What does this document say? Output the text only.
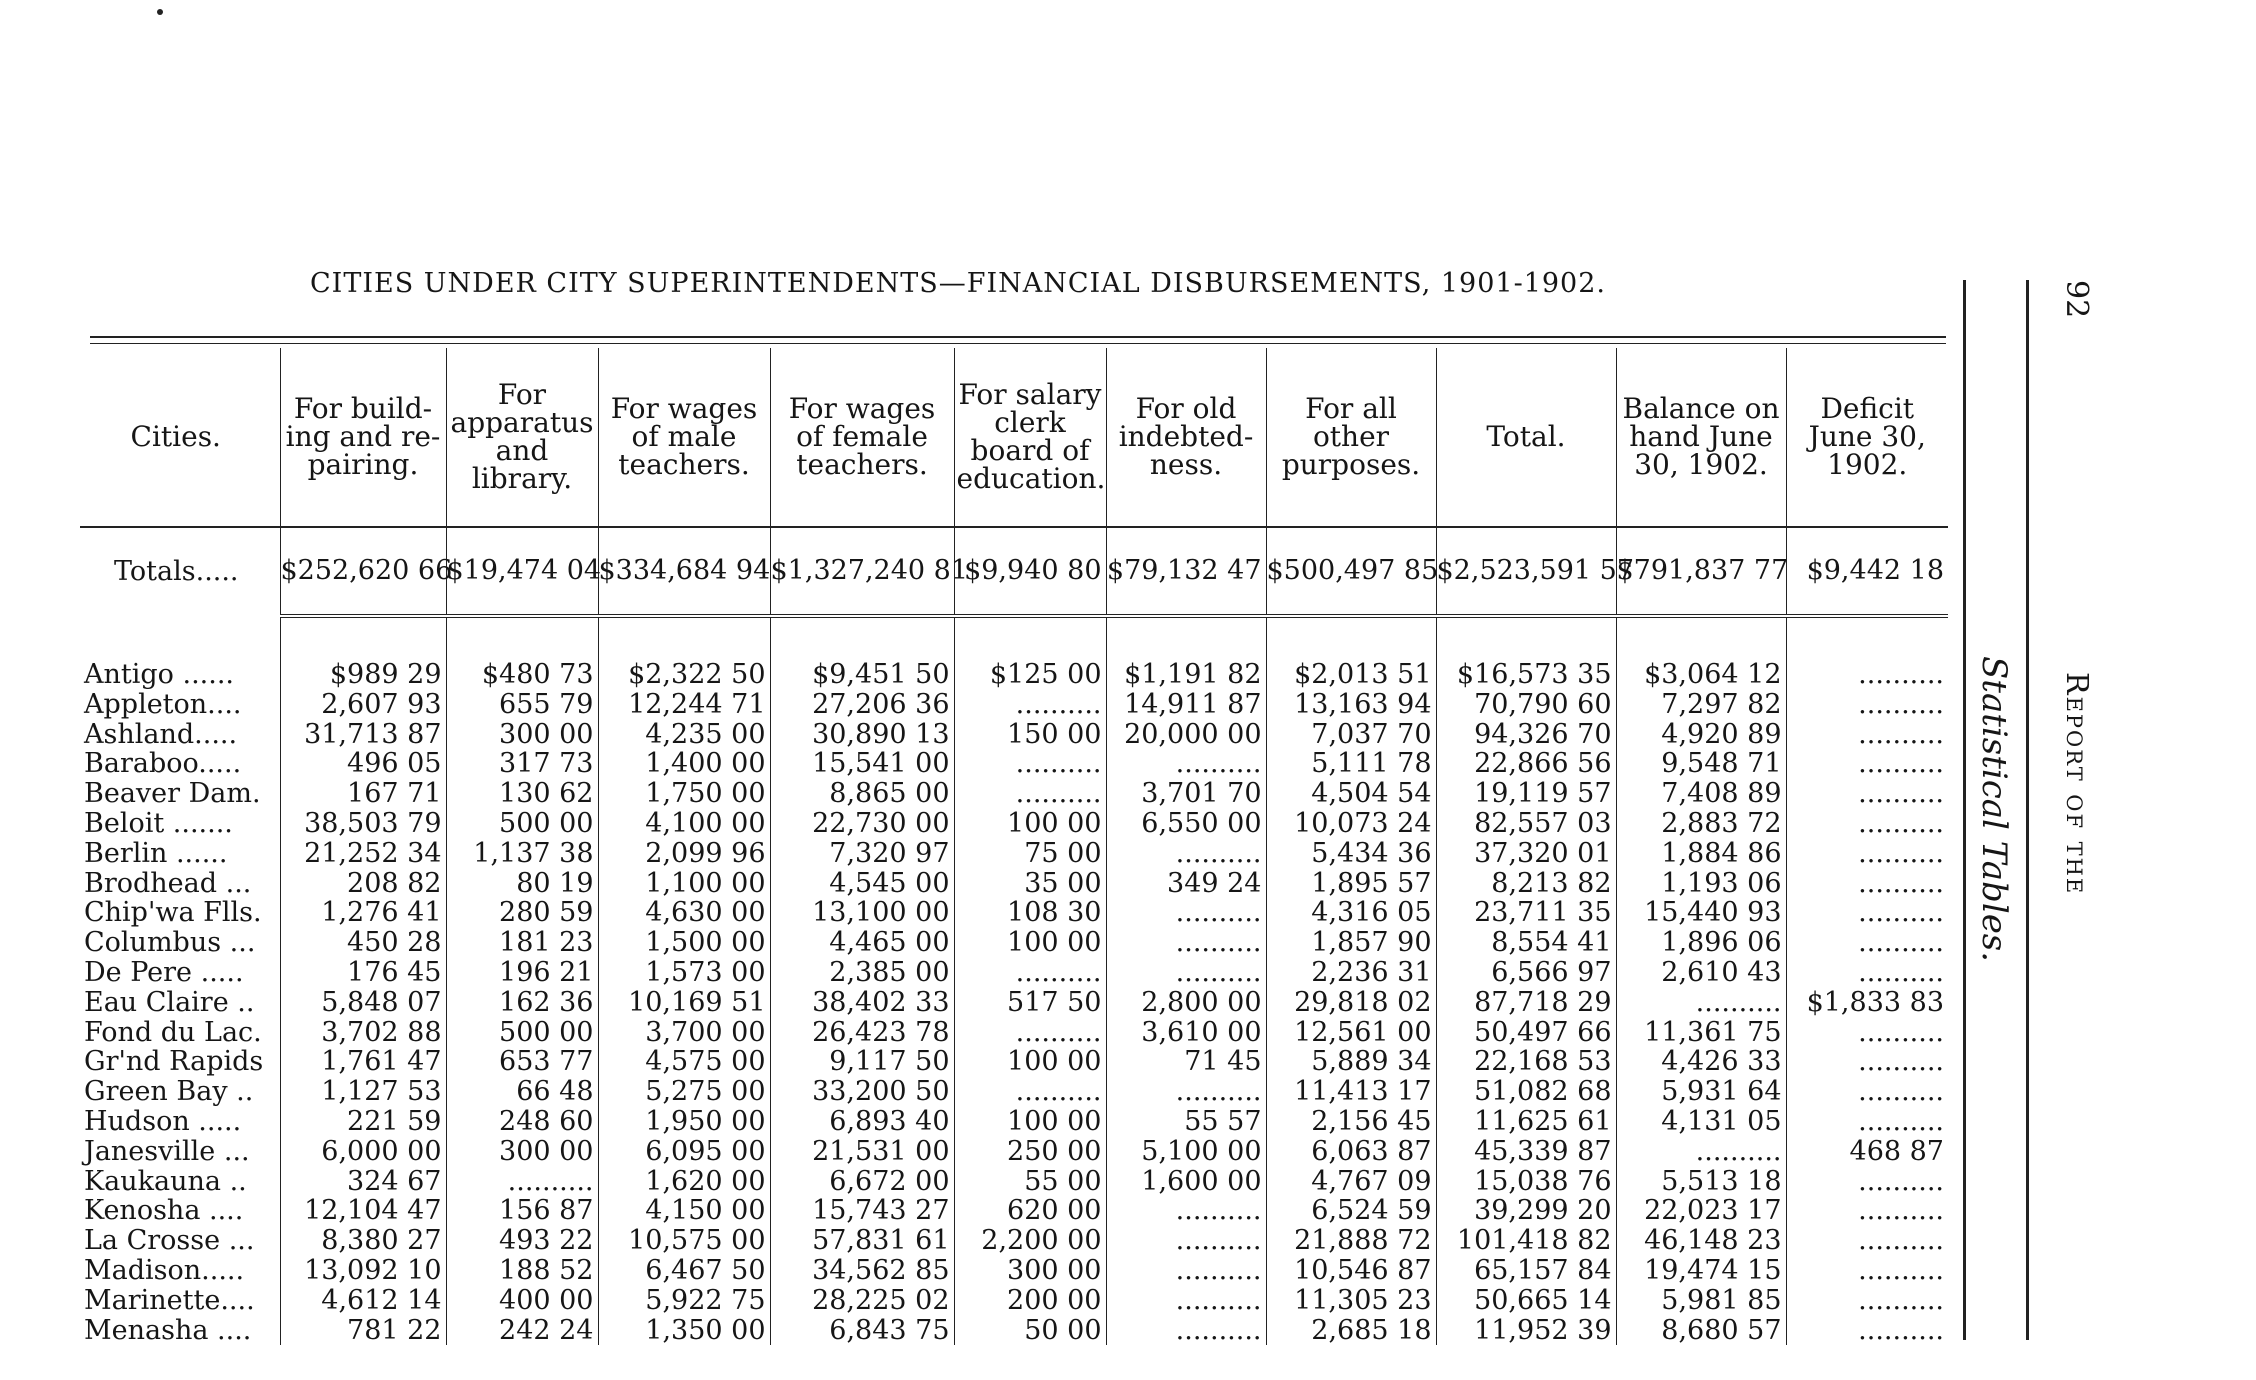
CITIES UNDER CITY SUPERINTENDENTS—FINANCIAL DISBURSEMENTS, 1901-1902.
Cities.	For build-ing and re-pairing.	For apparatus and library.	For wages of male teachers.	For wages of female teachers.	For salary clerk board of education.	For old indebted-ness.	For all other purposes.	Total.	Balance on hand June 30, 1902.	Deficit June 30, 1902.
Totals.....	$252,620 66	$19,474 04	$334,684 94	$1,327,240 81	$9,940 80	$79,132 47	$500,497 85	$2,523,591 57	$791,837 77	$9,442 18

Antigo ......	$989 29	$480 73	$2,322 50	$9,451 50	$125 00	$1,191 82	$2,013 51	$16,573 35	$3,064 12	..........
Appleton....	2,607 93	655 79	12,244 71	27,206 36	..........	14,911 87	13,163 94	70,790 60	7,297 82	..........
Ashland.....	31,713 87	300 00	4,235 00	30,890 13	150 00	20,000 00	7,037 70	94,326 70	4,920 89	..........
Baraboo.....	496 05	317 73	1,400 00	15,541 00	..........	..........	5,111 78	22,866 56	9,548 71	..........
Beaver Dam.	167 71	130 62	1,750 00	8,865 00	..........	3,701 70	4,504 54	19,119 57	7,408 89	..........
Beloit .......	38,503 79	500 00	4,100 00	22,730 00	100 00	6,550 00	10,073 24	82,557 03	2,883 72	..........
Berlin ......	21,252 34	1,137 38	2,099 96	7,320 97	75 00	..........	5,434 36	37,320 01	1,884 86	..........
Brodhead ...	208 82	80 19	1,100 00	4,545 00	35 00	349 24	1,895 57	8,213 82	1,193 06	..........
Chip'wa Flls.	1,276 41	280 59	4,630 00	13,100 00	108 30	..........	4,316 05	23,711 35	15,440 93	..........
Columbus ...	450 28	181 23	1,500 00	4,465 00	100 00	..........	1,857 90	8,554 41	1,896 06	..........
De Pere .....	176 45	196 21	1,573 00	2,385 00	..........	..........	2,236 31	6,566 97	2,610 43	..........
Eau Claire ..	5,848 07	162 36	10,169 51	38,402 33	517 50	2,800 00	29,818 02	87,718 29	..........	$1,833 83
Fond du Lac.	3,702 88	500 00	3,700 00	26,423 78	..........	3,610 00	12,561 00	50,497 66	11,361 75	..........
Gr'nd Rapids	1,761 47	653 77	4,575 00	9,117 50	100 00	71 45	5,889 34	22,168 53	4,426 33	..........
Green Bay ..	1,127 53	66 48	5,275 00	33,200 50	..........	..........	11,413 17	51,082 68	5,931 64	..........
Hudson .....	221 59	248 60	1,950 00	6,893 40	100 00	55 57	2,156 45	11,625 61	4,131 05	..........
Janesville ...	6,000 00	300 00	6,095 00	21,531 00	250 00	5,100 00	6,063 87	45,339 87	..........	468 87
Kaukauna ..	324 67	..........	1,620 00	6,672 00	55 00	1,600 00	4,767 09	15,038 76	5,513 18	..........
Kenosha ....	12,104 47	156 87	4,150 00	15,743 27	620 00	..........	6,524 59	39,299 20	22,023 17	..........
La Crosse ...	8,380 27	493 22	10,575 00	57,831 61	2,200 00	..........	21,888 72	101,418 82	46,148 23	..........
Madison.....	13,092 10	188 52	6,467 50	34,562 85	300 00	..........	10,546 87	65,157 84	19,474 15	..........
Marinette....	4,612 14	400 00	5,922 75	28,225 02	200 00	..........	11,305 23	50,665 14	5,981 85	..........
Menasha ....	781 22	242 24	1,350 00	6,843 75	50 00	..........	2,685 18	11,952 39	8,680 57	..........
92
Report of the
Statistical Tables.
